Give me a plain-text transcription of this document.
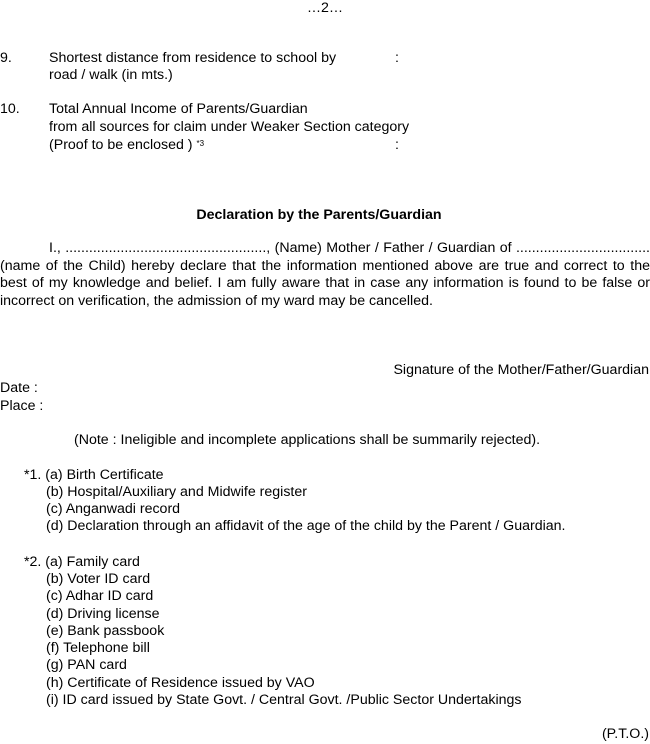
…2…
9.	Shortest distance from residence to school by
road / walk (in mts.)
:
10. Total Annual Income of Parents/Guardian
from all sources for claim under Weaker Section category
(Proof to be enclosed ) $^{*3}$	:
Declaration by the Parents/Guardian
I., ..................................................., (Name) Mother / Father / Guardian of .................................. (name of the Child) hereby declare that the information mentioned above are true and correct to the best of my knowledge and belief. I am fully aware that in case any information is found to be false or incorrect on verification, the admission of my ward may be cancelled.
Signature of the Mother/Father/Guardian
Date :
Place :
(Note : Ineligible and incomplete applications shall be summarily rejected).
*1. (a) Birth Certificate
(b) Hospital/Auxiliary and Midwife register
(c) Anganwadi record
(d) Declaration through an affidavit of the age of the child by the Parent / Guardian.
*2. (a) Family card
(b) Voter ID card
(c) Adhar ID card
(d) Driving license
(e) Bank passbook
(f) Telephone bill
(g) PAN card
(h) Certificate of Residence issued by VAO
(i) ID card issued by State Govt. / Central Govt. /Public Sector Undertakings
(P.T.O.)
